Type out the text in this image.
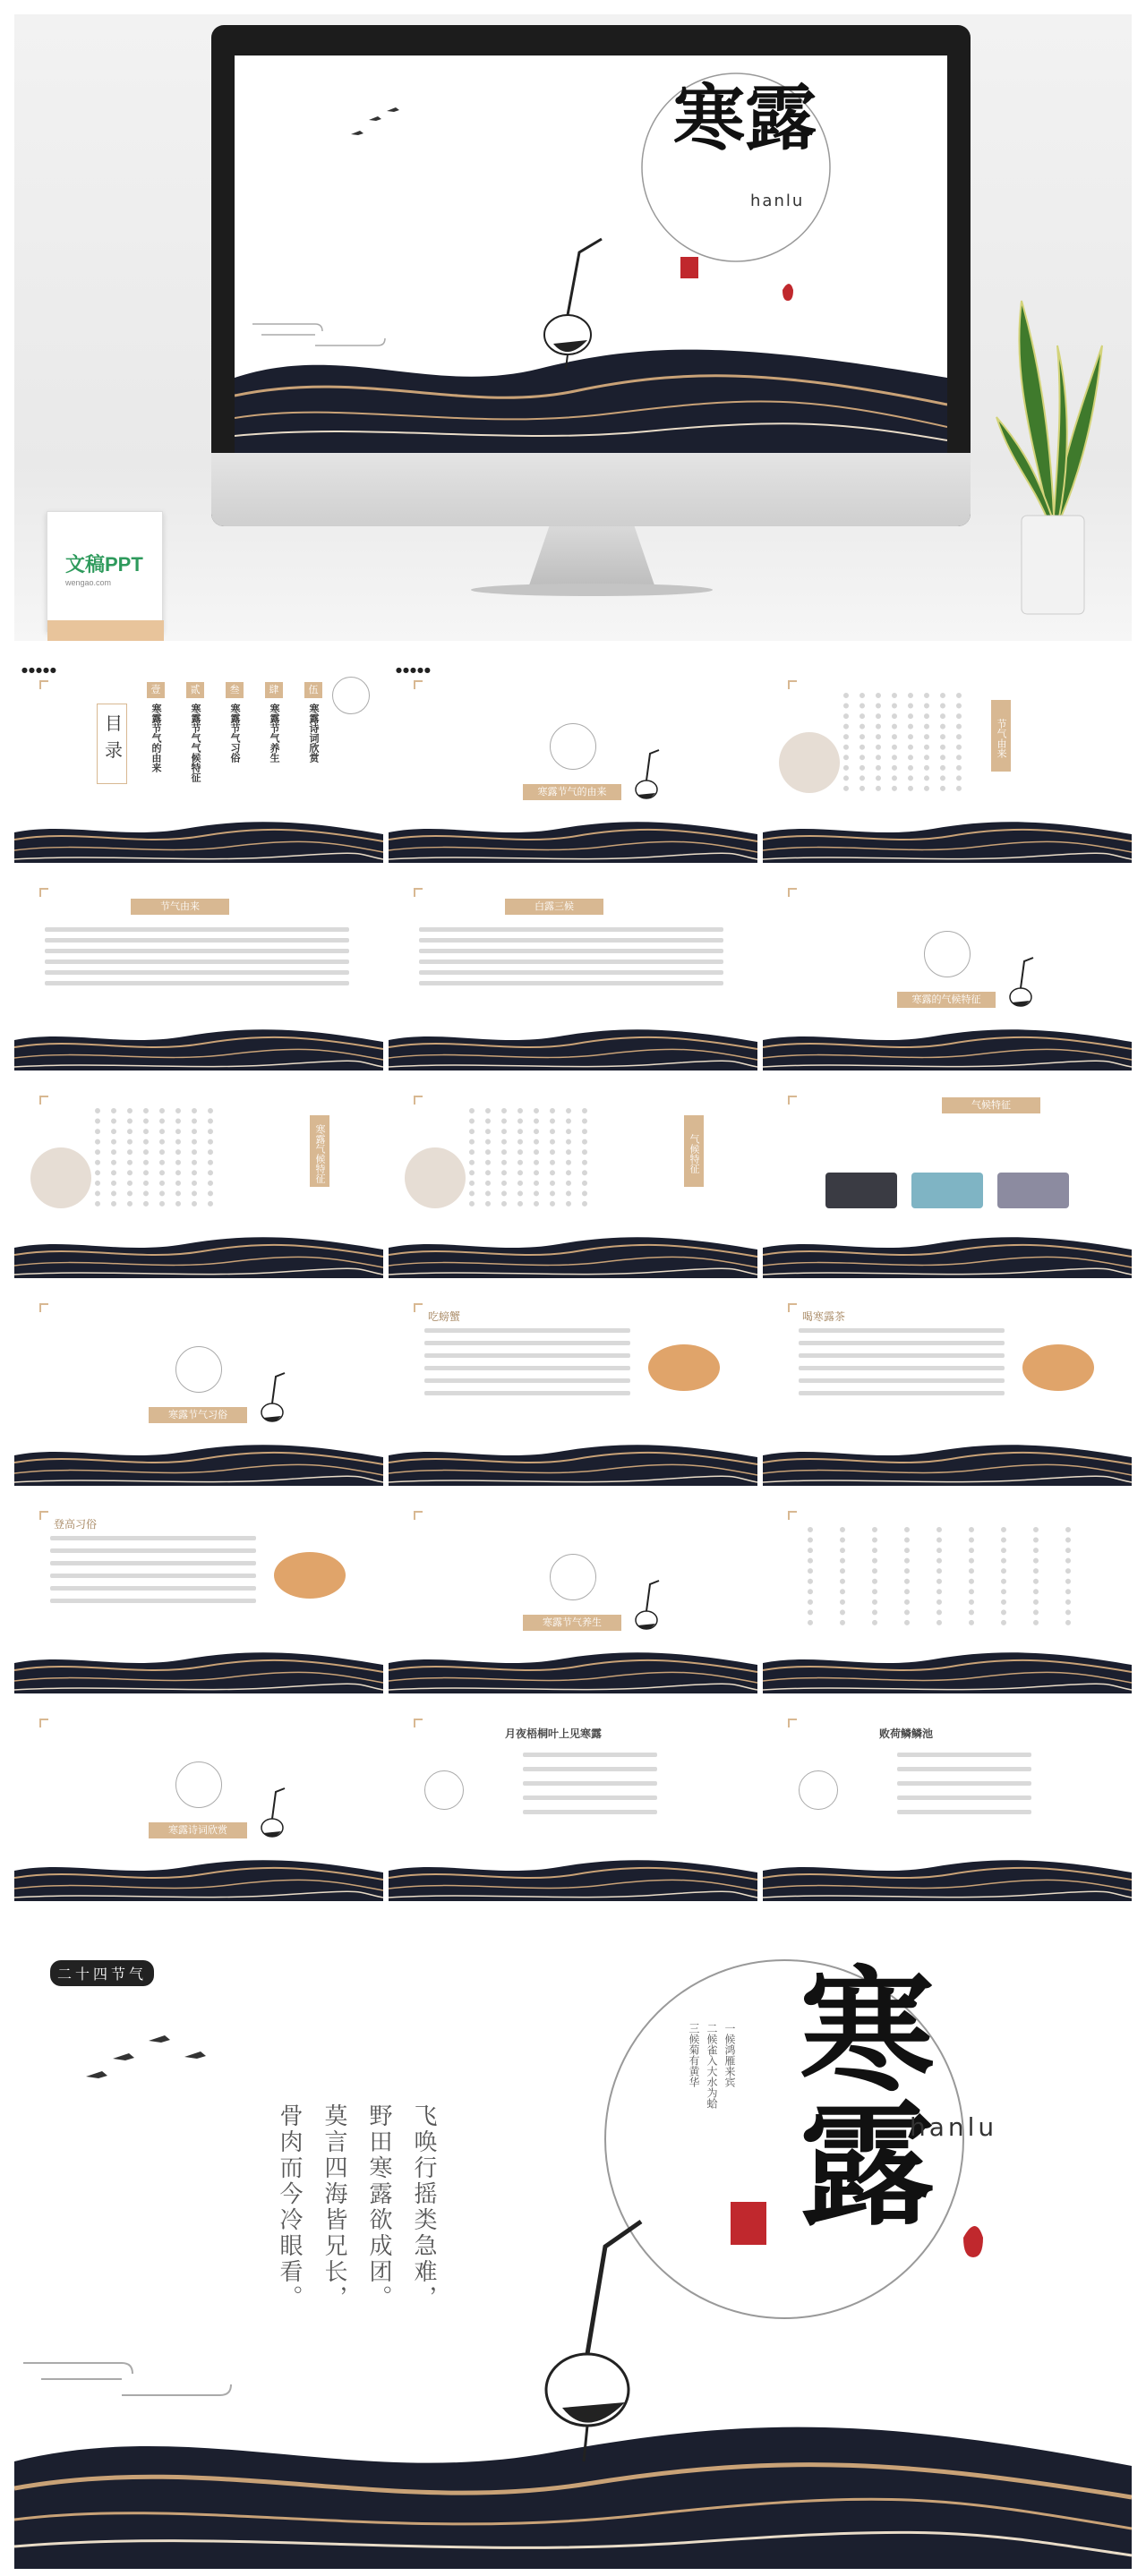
寒露
hanlu
文稿PPT
wengao.com
●●●●●
目
录
壹
寒露节气的由来
贰
寒露节气气候特征
叁
寒露节气习俗
肆
寒露节气养生
伍
寒露诗词欣赏
●●●●●
寒露节气的由来
节气由来
节气由来	白露三候
寒露的气候特征
寒露气候特征	气候特征
气候特征
寒露节气习俗
吃螃蟹	喝寒露茶
登高习俗
寒露节气养生
寒露诗词欣赏
月夜梧桐叶上见寒露	败荷鳞鳞池
二十四节气	寒露
hanlu
一候鸿雁来宾
二候雀入大水为蛤
三候菊有黄华
飞唤行摇类急难，
野田寒露欲成团。
莫言四海皆兄长，
骨肉而今冷眼看。
